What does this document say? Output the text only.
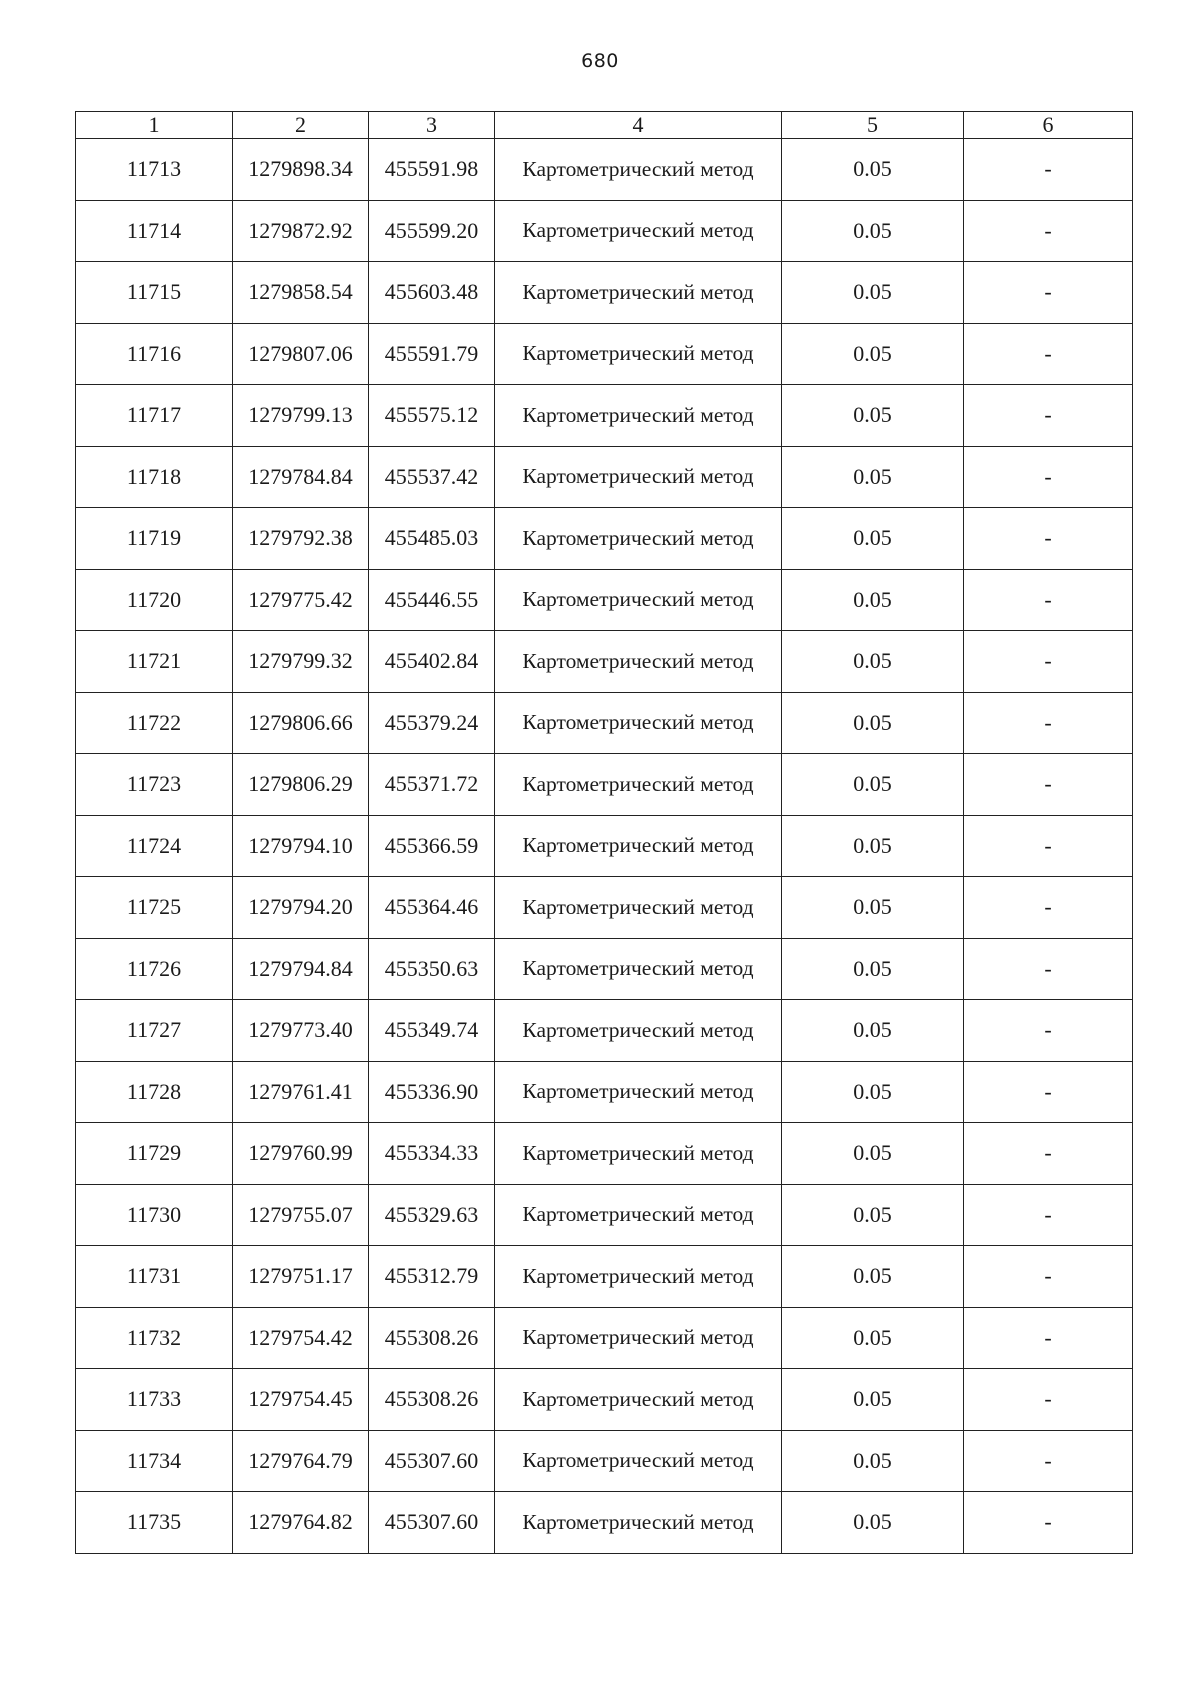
680
1	2	3	4	5	6
11713	1279898.34	455591.98	Картометрический метод	0.05	-
11714	1279872.92	455599.20	Картометрический метод	0.05	-
11715	1279858.54	455603.48	Картометрический метод	0.05	-
11716	1279807.06	455591.79	Картометрический метод	0.05	-
11717	1279799.13	455575.12	Картометрический метод	0.05	-
11718	1279784.84	455537.42	Картометрический метод	0.05	-
11719	1279792.38	455485.03	Картометрический метод	0.05	-
11720	1279775.42	455446.55	Картометрический метод	0.05	-
11721	1279799.32	455402.84	Картометрический метод	0.05	-
11722	1279806.66	455379.24	Картометрический метод	0.05	-
11723	1279806.29	455371.72	Картометрический метод	0.05	-
11724	1279794.10	455366.59	Картометрический метод	0.05	-
11725	1279794.20	455364.46	Картометрический метод	0.05	-
11726	1279794.84	455350.63	Картометрический метод	0.05	-
11727	1279773.40	455349.74	Картометрический метод	0.05	-
11728	1279761.41	455336.90	Картометрический метод	0.05	-
11729	1279760.99	455334.33	Картометрический метод	0.05	-
11730	1279755.07	455329.63	Картометрический метод	0.05	-
11731	1279751.17	455312.79	Картометрический метод	0.05	-
11732	1279754.42	455308.26	Картометрический метод	0.05	-
11733	1279754.45	455308.26	Картометрический метод	0.05	-
11734	1279764.79	455307.60	Картометрический метод	0.05	-
11735	1279764.82	455307.60	Картометрический метод	0.05	-
